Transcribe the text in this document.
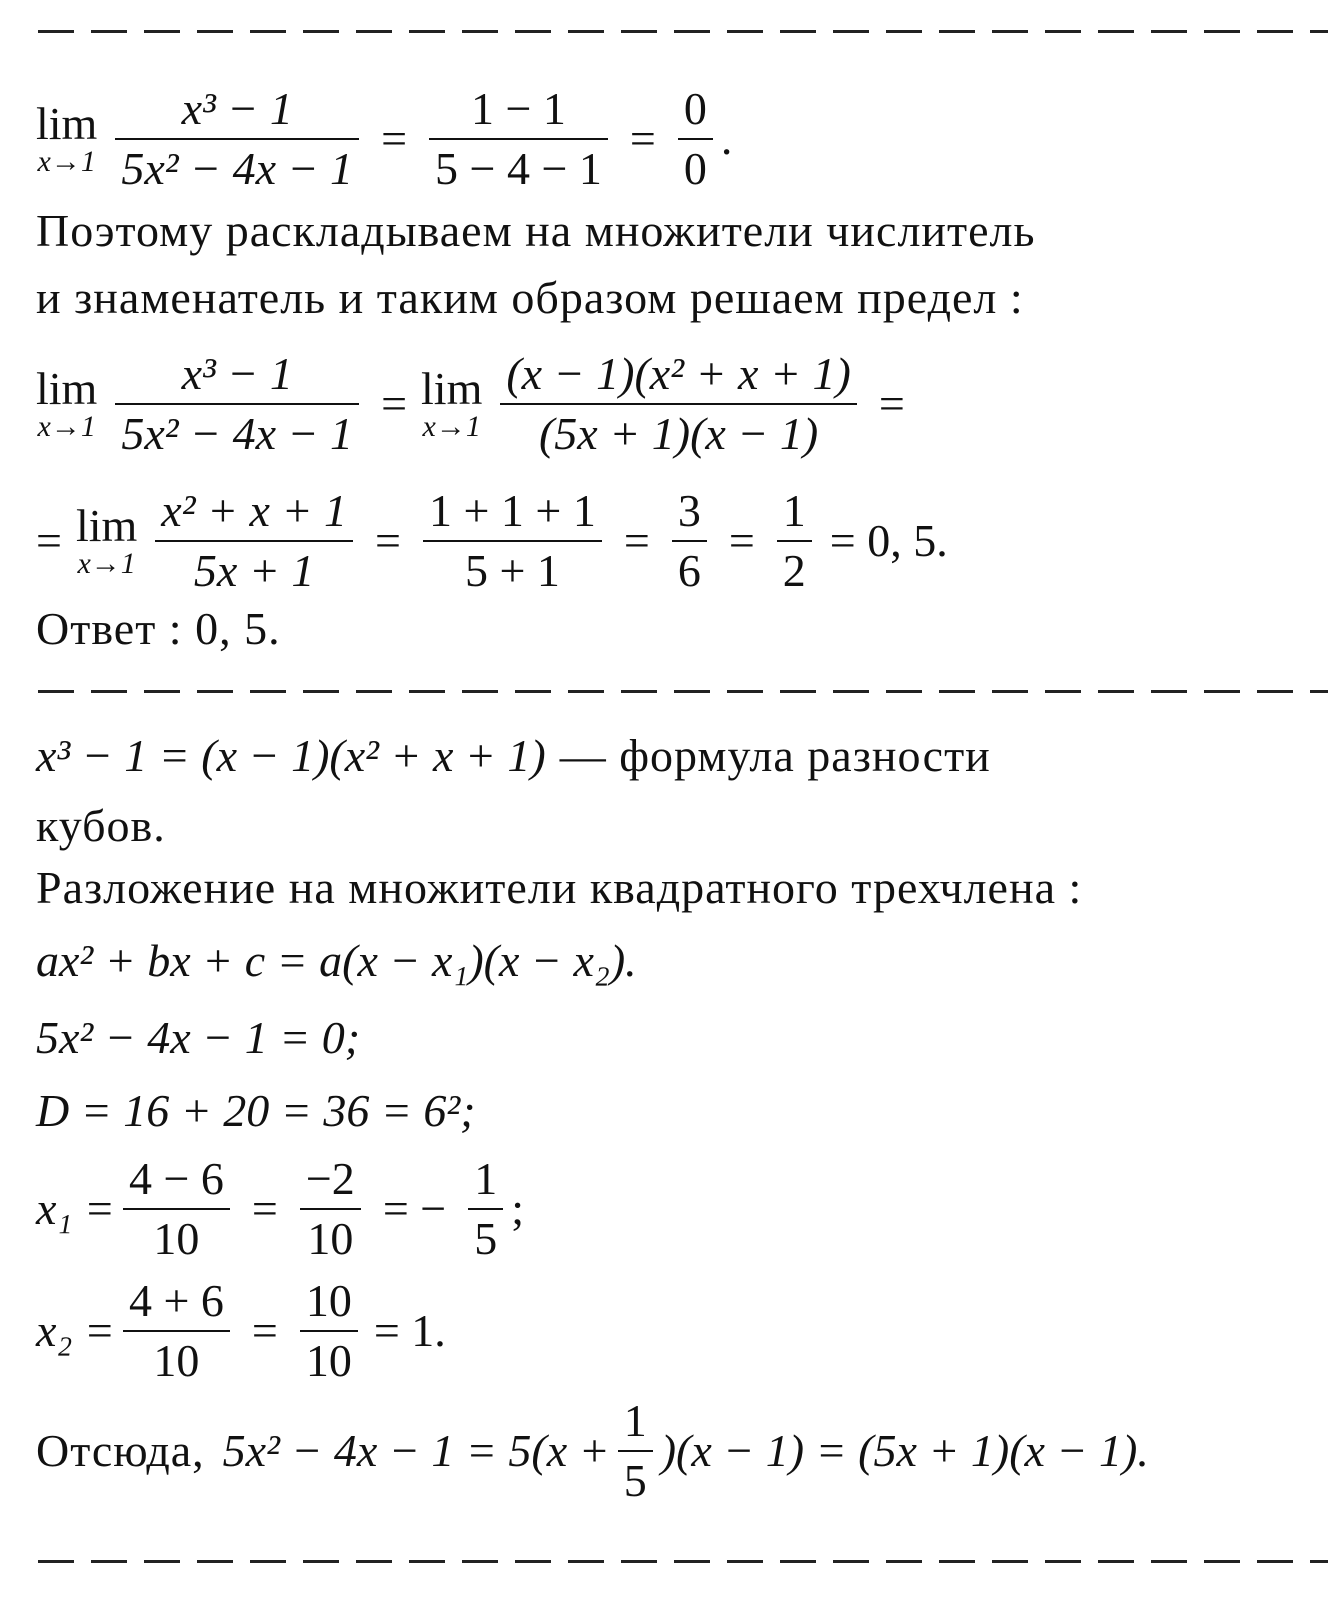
lim
$x\to 1 \frac{\text{x³ − 1}}{\text{5x² − 4x − 1}} = \frac{1 - 1}{5 - 4 - 1} = \frac{0}{0}$ .
Поэтому раскладываем на множители числитель
и знаменатель и таким образом решаем предел :
lim
$x\to 1 \frac{\text{x³ − 1}}{\text{5x² − 4x − 1}} = \lim$
$x\to 1 \frac{\text{(x − 1)(x² + x + 1)}}{(5x + 1)(x - 1)}$ =
= lim
$x\to 1 \frac{\text{x² + x + 1}}{5x + 1} = \frac{1 + 1 + 1}{5 + 1} = \frac{3}{6} = \frac{1}{2} = 0$, 5.
Ответ : 0, 5.
x³ − 1 = (x − 1)(x² + x + 1) — формула разности
кубов.
Разложение на множители квадратного трехчлена :
ax² + bx + c = a(x − x₁)(x − x₂).
5x² − 4x − 1 = 0;
D = 16 + 20 = 36 = 6²;
$x_1 = \frac{4 - 6}{10} = \frac{-2}{10}$ = − $\frac{1}{5}$ ;
$x_2 = \frac{4 + 6}{10} = \frac{10}{10} = 1$.
Отсюда, $5x^2 - 4x - 1 = 5(x + \frac{1}{5} )(x - 1) = (5x + 1)(x - 1)$.
